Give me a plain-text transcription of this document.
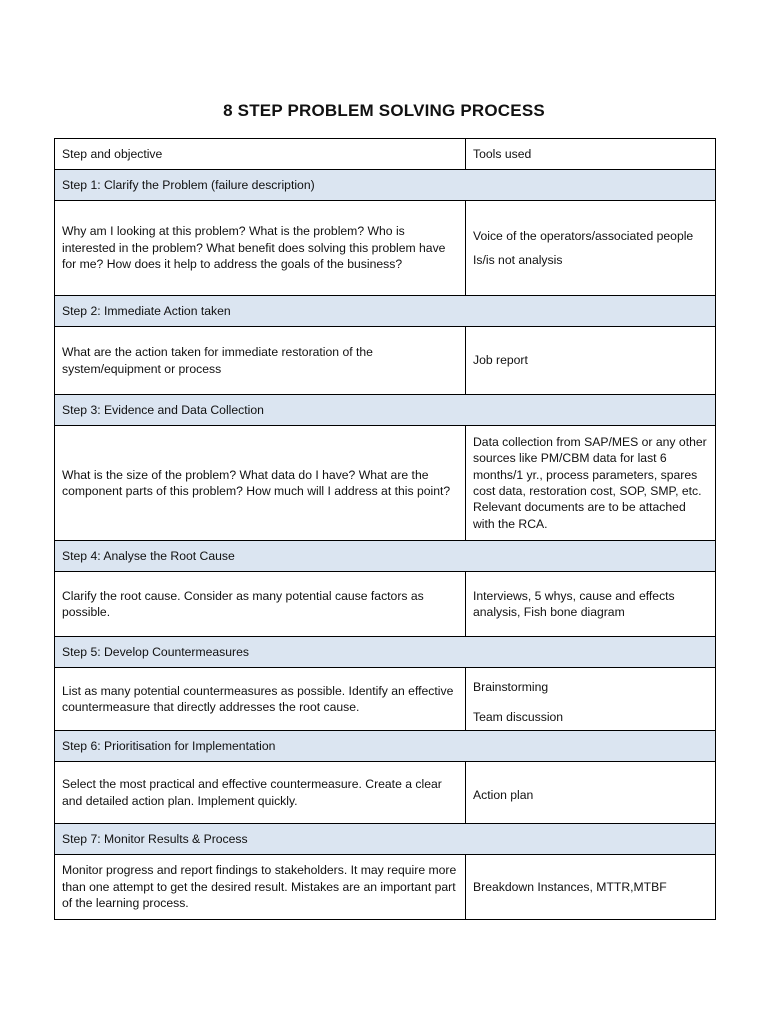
8 STEP PROBLEM SOLVING PROCESS
Step and objective	Tools used
Step 1: Clarify the Problem (failure description)	
Why am I looking at this problem? What is the problem? Who is interested in the problem? What benefit does solving this problem have for me? How does it help to address the goals of the business?	Voice of the operators/associated people
Is/is not analysis

Step 2: Immediate Action taken	
What are the action taken for immediate restoration of the system/equipment or process	Job report

Step 3: Evidence and Data Collection	
What is the size of the problem? What data do I have? What are the component parts of this problem? How much will I address at this point?	Data collection from SAP/MES or any other sources like PM/CBM data for last 6 months/1 yr., process parameters, spares cost data, restoration cost, SOP, SMP, etc. Relevant documents are to be attached with the RCA.

Step 4: Analyse the Root Cause	
Clarify the root cause. Consider as many potential cause factors as possible.	Interviews, 5 whys, cause and effects analysis, Fish bone diagram

Step 5: Develop Countermeasures	
List as many potential countermeasures as possible. Identify an effective countermeasure that directly addresses the root cause.	Brainstorming
Team discussion

Step 6: Prioritisation for Implementation	
Select the most practical and effective countermeasure. Create a clear and detailed action plan. Implement quickly.	Action plan

Step 7: Monitor Results & Process	
Monitor progress and report findings to stakeholders. It may require more than one attempt to get the desired result. Mistakes are an important part of the learning process.	Breakdown Instances, MTTR,MTBF
